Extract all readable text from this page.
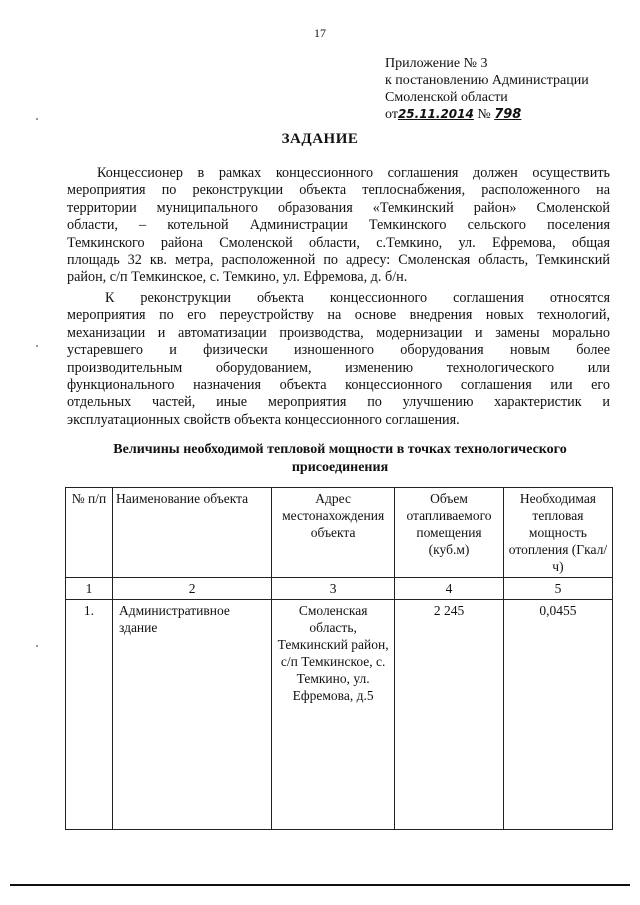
17
Приложение № 3
к постановлению Администрации
Смоленской области
от25.11.2014 № 798
ЗАДАНИЕ
Концессионер в рамках концессионного соглашения должен осуществить
мероприятия по реконструкции объекта теплоснабжения, расположенного на
территории муниципального образования «Темкинский район» Смоленской
области, – котельной Администрации Темкинского сельского поселения
Темкинского района Смоленской области, с.Темкино, ул. Ефремова, общая
площадь 32 кв. метра, расположенной по адресу: Смоленская область, Темкинский
район, с/п Темкинское, с. Темкино, ул. Ефремова, д. б/н.
К реконструкции объекта концессионного соглашения относятся
мероприятия по его переустройству на основе внедрения новых технологий,
механизации и автоматизации производства, модернизации и замены морально
устаревшего и физически изношенного оборудования новым более
производительным оборудованием, изменению технологического или
функционального назначения объекта концессионного соглашения или его
отдельных частей, иные мероприятия по улучшению характеристик и
эксплуатационных свойств объекта концессионного соглашения.
Величины необходимой тепловой мощности в точках технологического
присоединения
№ п/п	Наименование объекта	Адрес местонахождения объекта	Объем отапливаемого помещения (куб.м)	Необходимая тепловая мощность отопления (Гкал/ч)
1	2	3	4	5
1.	Административное здание	Смоленская область, Темкинский район, с/п Темкинское, с. Темкино, ул. Ефремова, д.5	2 245	0,0455
